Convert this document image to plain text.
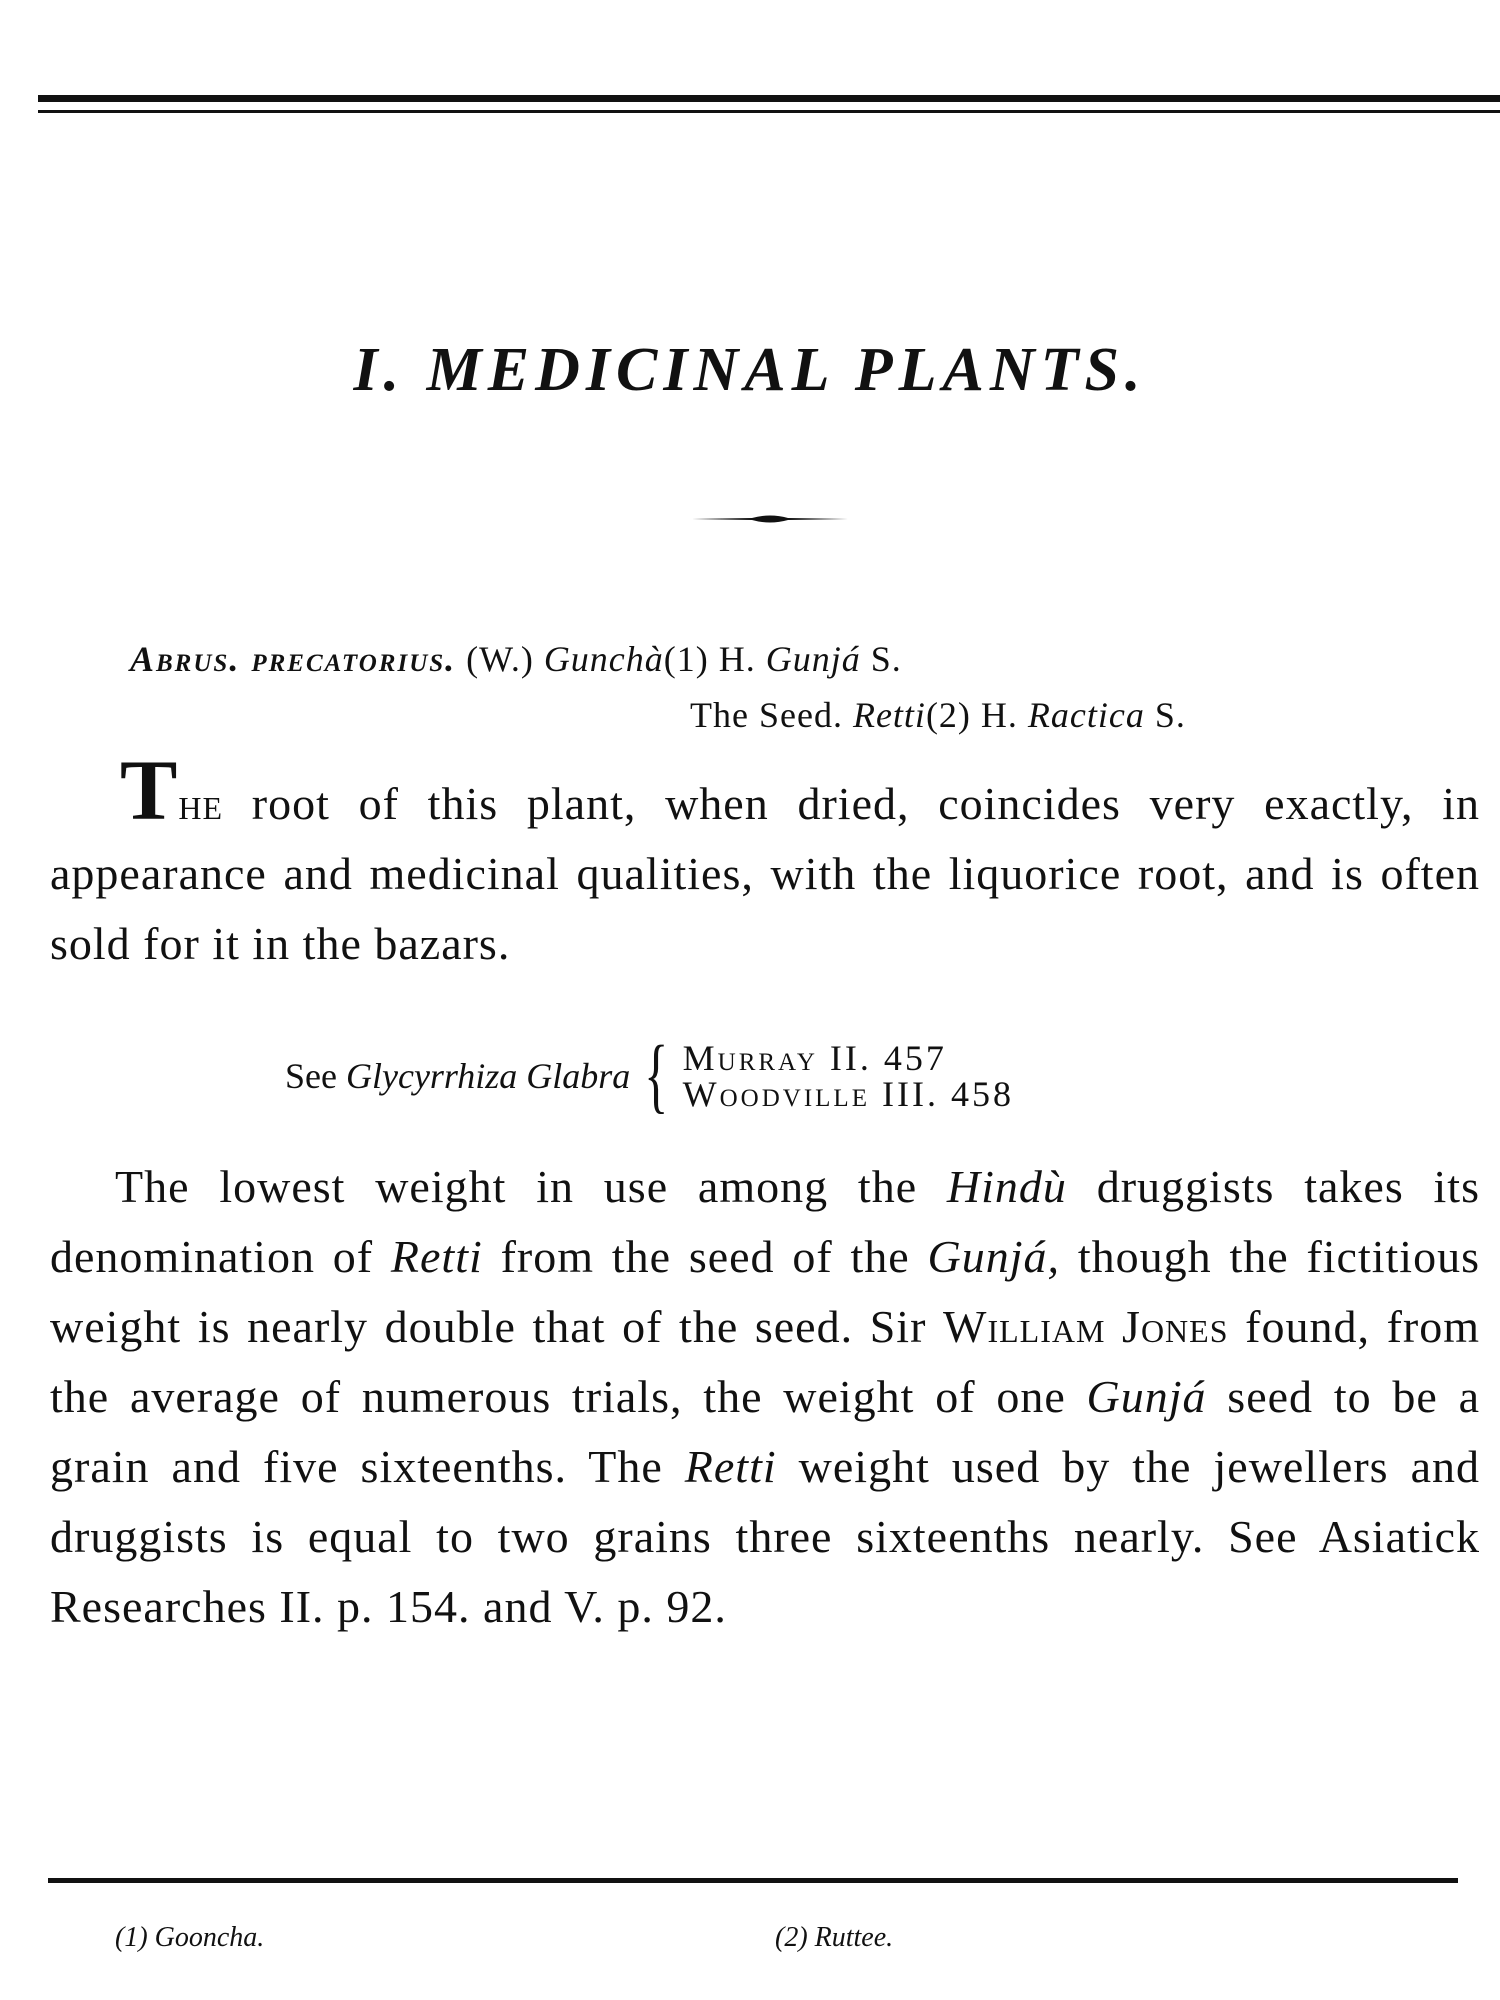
I. MEDICINAL PLANTS.
Abrus. precatorius. (W.) Gunchà(1) H. Gunjá S.
The Seed. Retti(2) H. Ractica S.
The root of this plant, when dried, coincides very exactly, in appearance and medicinal qualities, with the liquorice root, and is often sold for it in the bazars.
See Glycyrrhiza Glabra { Murray II. 457
Woodville III. 458
The lowest weight in use among the Hindù druggists takes its denomination of Retti from the seed of the Gunjá, though the fictitious weight is nearly double that of the seed. Sir William Jones found, from the average of numerous trials, the weight of one Gunjá seed to be a grain and five sixteenths. The Retti weight used by the jewellers and druggists is equal to two grains three sixteenths nearly. See Asiatick Researches II. p. 154. and V. p. 92.
(1) Gooncha.	(2) Ruttee.
